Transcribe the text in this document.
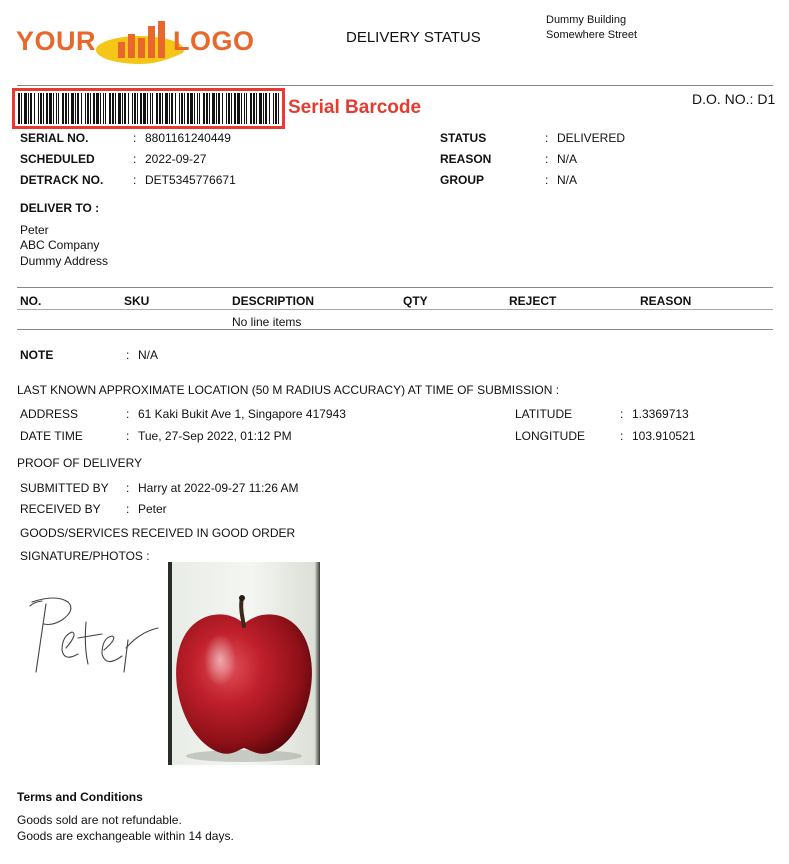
YOUR	LOGO	DELIVERY STATUS
Dummy Building
Somewhere Street
Serial Barcode	D.O. NO.: D1
SERIAL NO.	: 8801161240449
SCHEDULED	: 2022-09-27
DETRACK NO. : DET5345776671
STATUS	: DELIVERED
REASON	: N/A
GROUP	: N/A
DELIVER TO :
Peter
ABC Company
Dummy Address
NO.	SKU	DESCRIPTION	QTY	REJECT	REASON
No line items
NOTE	: N/A
LAST KNOWN APPROXIMATE LOCATION (50 M RADIUS ACCURACY) AT TIME OF SUBMISSION :
ADDRESS	: 61 Kaki Bukit Ave 1, Singapore 417943
DATE TIME	: Tue, 27-Sep 2022, 01:12 PM
LATITUDE	: 1.3369713
LONGITUDE	: 103.910521
PROOF OF DELIVERY
SUBMITTED BY : Harry at 2022-09-27 11:26 AM
RECEIVED BY : Peter
GOODS/SERVICES RECEIVED IN GOOD ORDER
SIGNATURE/PHOTOS :
Terms and Conditions
Goods sold are not refundable.
Goods are exchangeable within 14 days.
